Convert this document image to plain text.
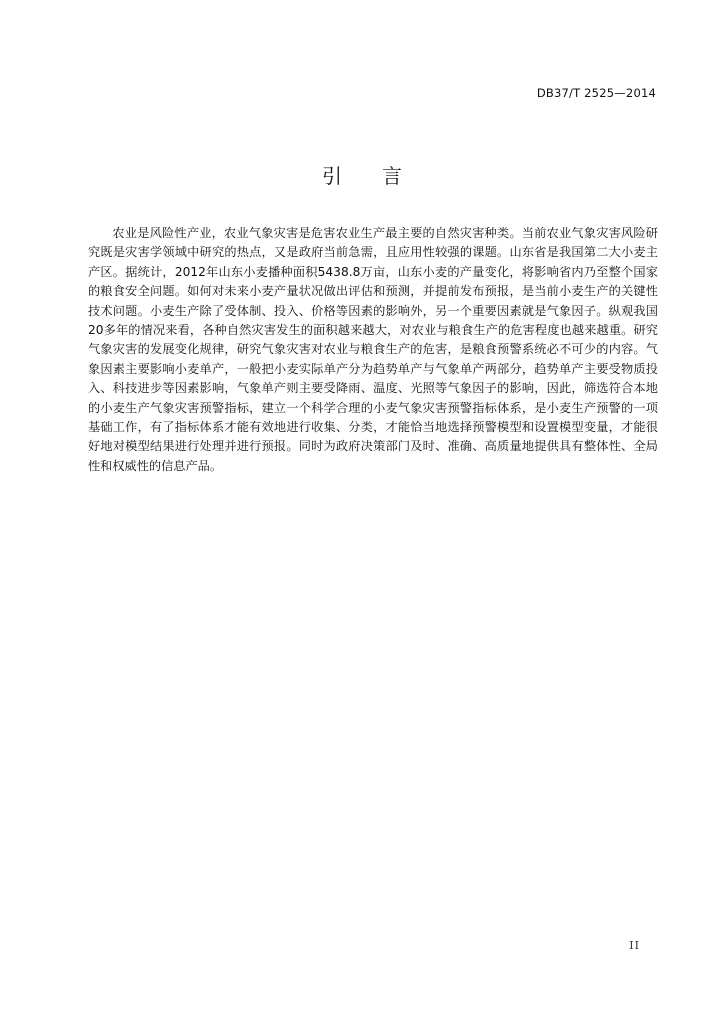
DB37/T 2525—2014
引　　言

农业是风险性产业，农业气象灾害是危害农业生产最主要的自然灾害种类。当前农业气象灾害风险研究既是灾害学领域中研究的热点，又是政府当前急需，且应用性较强的课题。山东省是我国第二大小麦主产区。据统计，2012年山东小麦播种面积5438.8万亩，山东小麦的产量变化，将影响省内乃至整个国家的粮食安全问题。如何对未来小麦产量状况做出评估和预测，并提前发布预报，是当前小麦生产的关键性技术问题。小麦生产除了受体制、投入、价格等因素的影响外，另一个重要因素就是气象因子。纵观我国20多年的情况来看，各种自然灾害发生的面积越来越大，对农业与粮食生产的危害程度也越来越重。研究气象灾害的发展变化规律，研究气象灾害对农业与粮食生产的危害，是粮食预警系统必不可少的内容。气象因素主要影响小麦单产，一般把小麦实际单产分为趋势单产与气象单产两部分，趋势单产主要受物质投入、科技进步等因素影响，气象单产则主要受降雨、温度、光照等气象因子的影响，因此，筛选符合本地的小麦生产气象灾害预警指标，建立一个科学合理的小麦气象灾害预警指标体系，是小麦生产预警的一项基础工作，有了指标体系才能有效地进行收集、分类，才能恰当地选择预警模型和设置模型变量，才能很好地对模型结果进行处理并进行预报。同时为政府决策部门及时、准确、高质量地提供具有整体性、全局性和权威性的信息产品。

II
